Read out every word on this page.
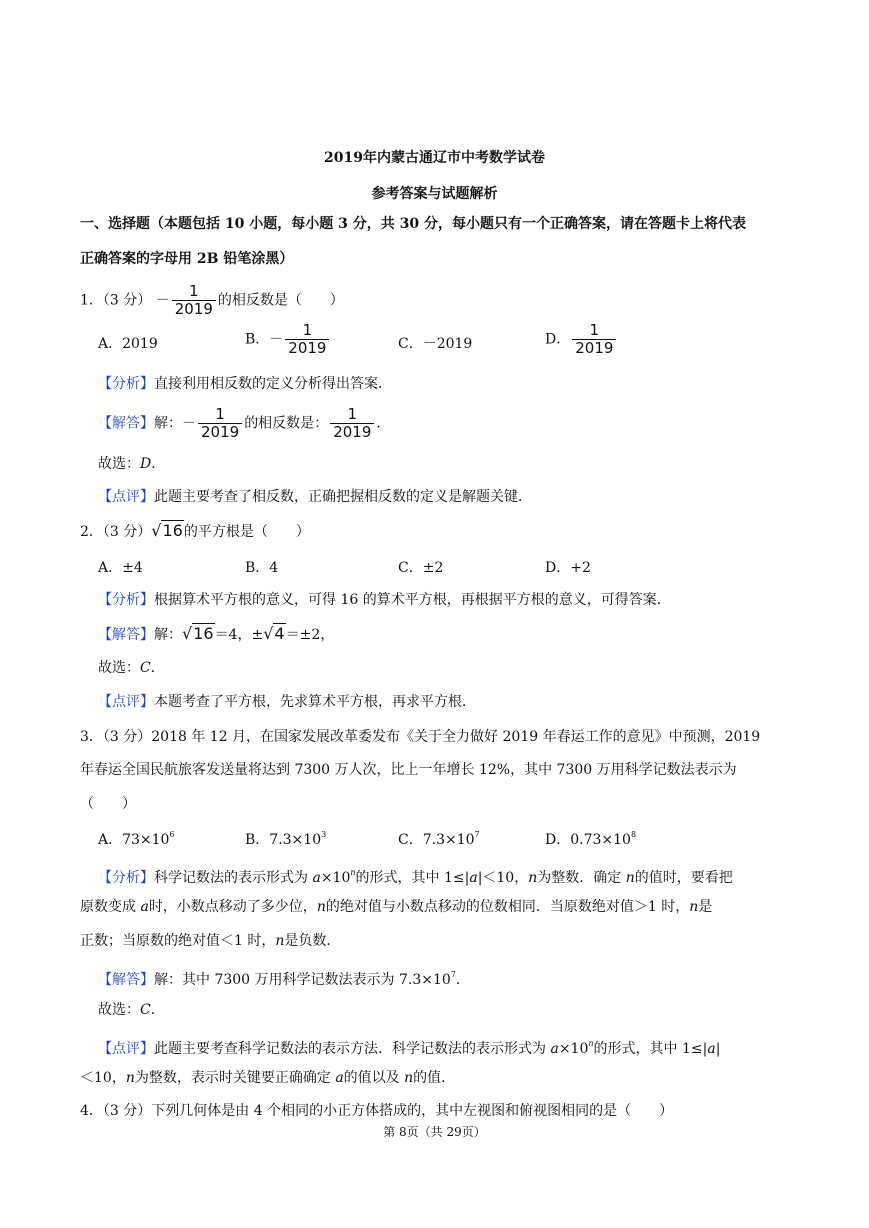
2019年内蒙古通辽市中考数学试卷
参考答案与试题解析
一、选择题（本题包括 10 小题，每小题 3 分，共 30 分，每小题只有一个正确答案，请在答题卡上将代表
正确答案的字母用 2B 铅笔涂黑）
1．（3 分） － $\frac{1}{2019}$ 的相反数是（　　）
A．2019	B．－ $\frac{1}{2019}$	C．－2019	D． $\frac{1}{2019}$
【分析】直接利用相反数的定义分析得出答案．
【解答】解：－ $\frac{1}{2019}$ 的相反数是： $\frac{1}{2019}$ ．
故选：D．
【点评】此题主要考查了相反数，正确把握相反数的定义是解题关键．
2．（3 分）√16的平方根是（　　）
A．±4	B．4	C．±2	D．+2
【分析】根据算术平方根的意义，可得 16 的算术平方根，再根据平方根的意义，可得答案．
【解答】解：√16＝4，±√4＝±2，
故选：C．
【点评】本题考查了平方根，先求算术平方根，再求平方根．
3．（3 分）2018 年 12 月，在国家发展改革委发布《关于全力做好 2019 年春运工作的意见》中预测，2019
年春运全国民航旅客发送量将达到 7300 万人次，比上一年增长 12%，其中 7300 万用科学记数法表示为
（　　）
A．$73\times 10^6$	B．$7.3\times 10^3$	C．$7.3\times 10^7$	D．$0.73\times 10^8$
【分析】科学记数法的表示形式为 $a\times 10^n$的形式，其中 1≤|a|＜10，n为整数．确定 n的值时，要看把
原数变成 a时，小数点移动了多少位，n的绝对值与小数点移动的位数相同．当原数绝对值＞1 时，n是
正数；当原数的绝对值＜1 时，n是负数．
【解答】解：其中 7300 万用科学记数法表示为 $7.3\times 10^7$．
故选：C．
【点评】此题主要考查科学记数法的表示方法．科学记数法的表示形式为 $a\times 10^n$的形式，其中 1≤|a|
＜10，n为整数，表示时关键要正确确定 a的值以及 n的值．
4．（3 分）下列几何体是由 4 个相同的小正方体搭成的，其中左视图和俯视图相同的是（　　）
第 8页（共 29页）
